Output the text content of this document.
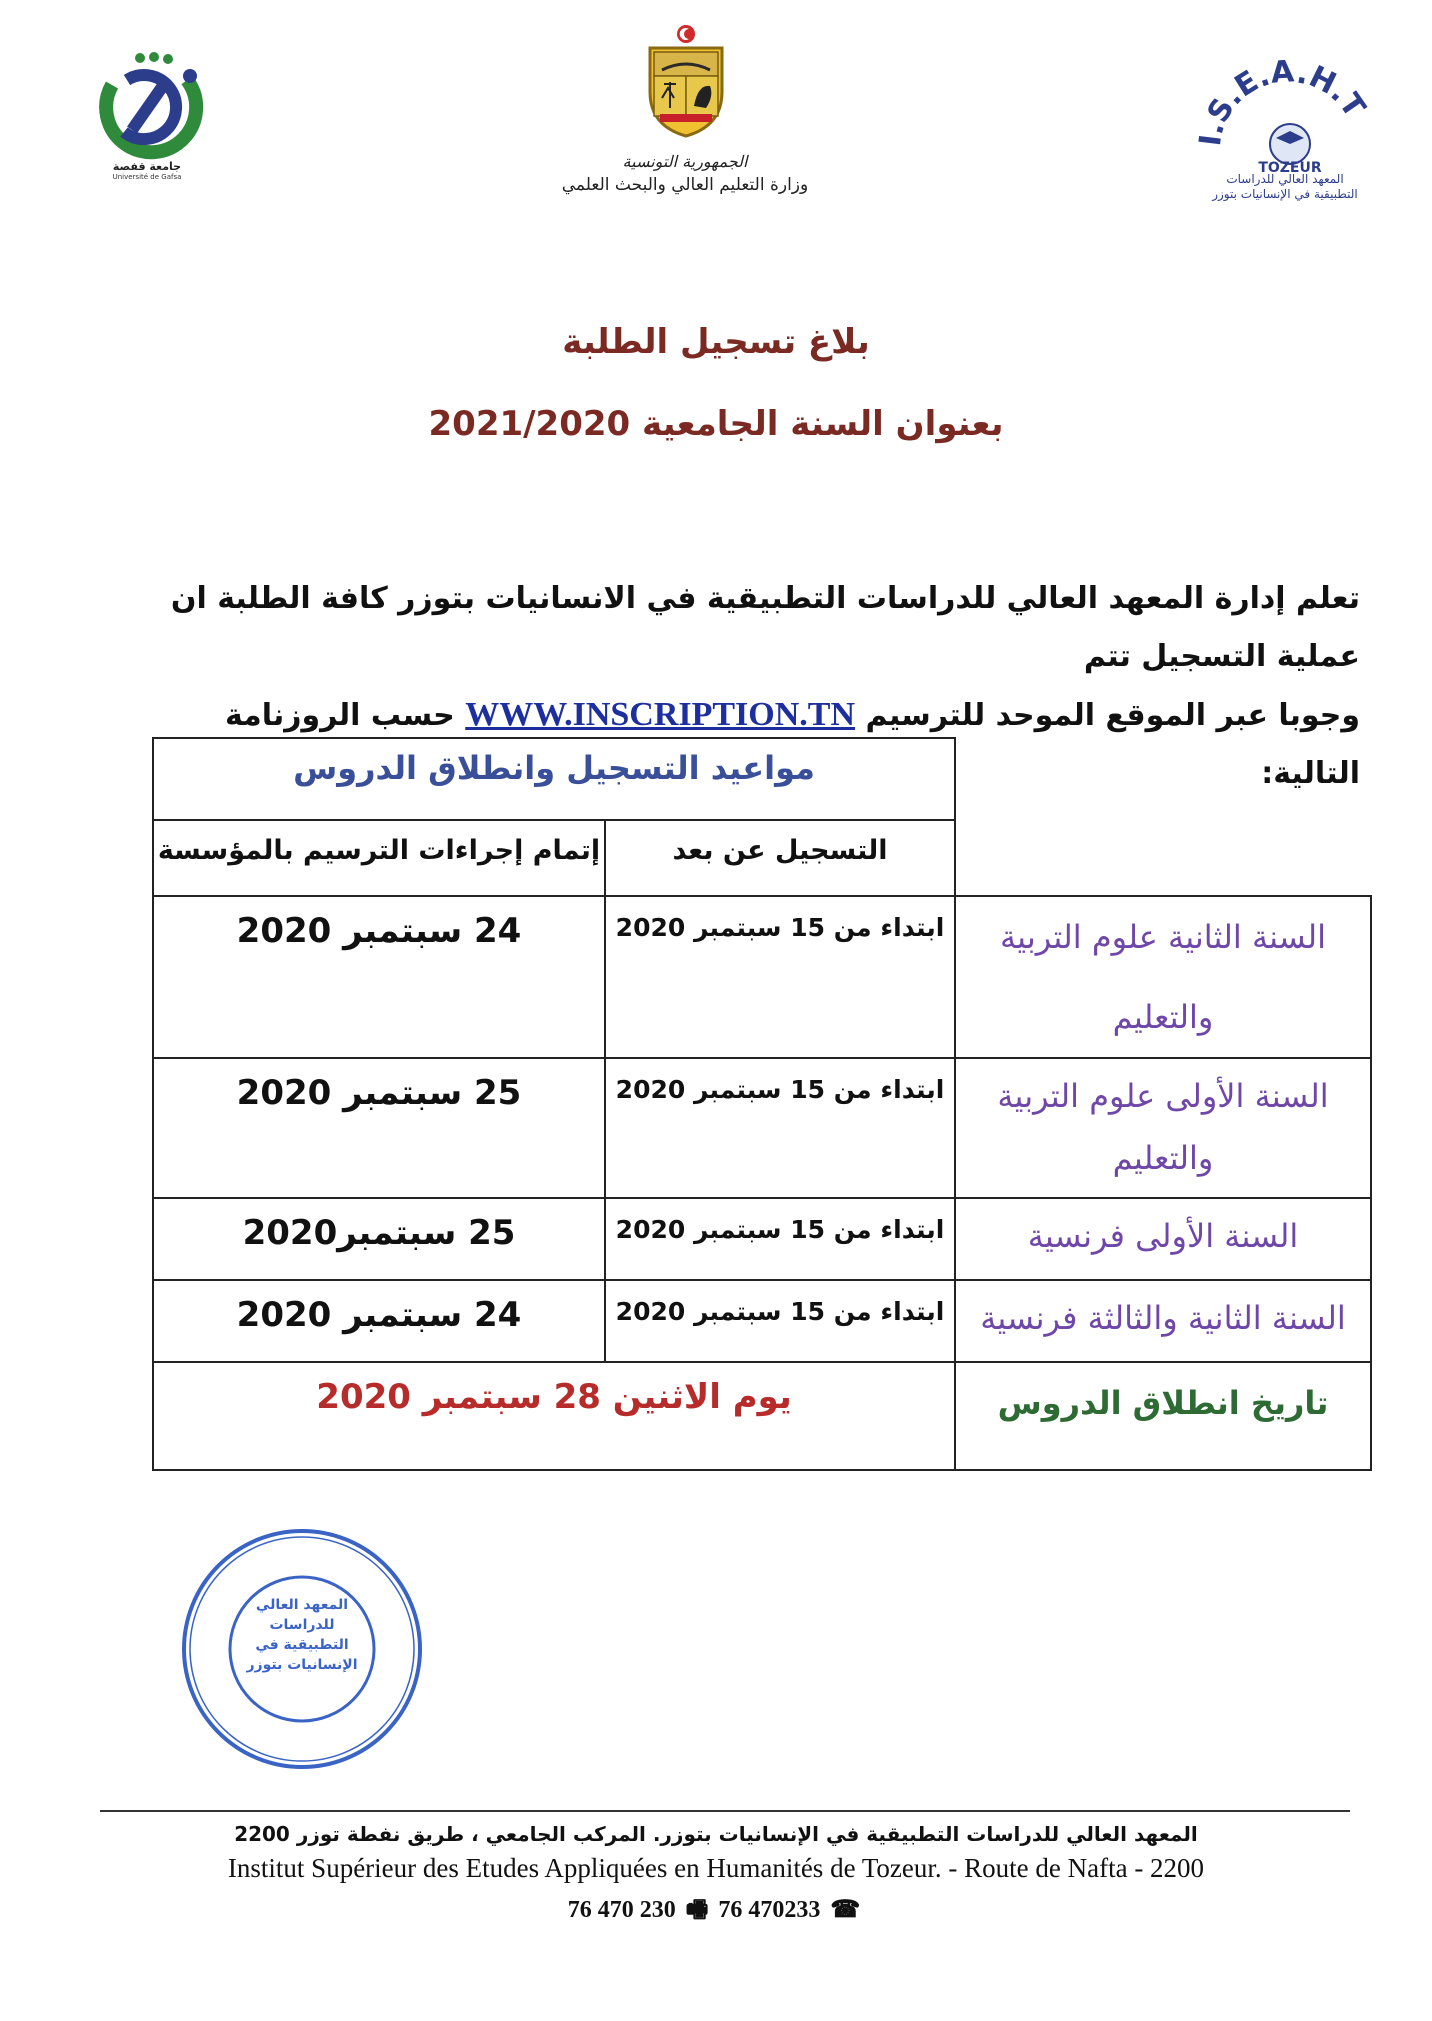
جامعة قفصة
Université de Gafsa
الجمهورية التونسية
وزارة التعليم العالي والبحث العلمي
I.S.E.A.H.T
TOZEUR
المعهد العالي للدراسات
التطبيقية في الإنسانيات بتوزر
بلاغ تسجيل الطلبة
بعنوان السنة الجامعية 2021/2020
تعلم إدارة المعهد العالي للدراسات التطبيقية في الانسانيات بتوزر كافة الطلبة ان عملية التسجيل تتم
وجوبا عبر الموقع الموحد للترسيم WWW.INSCRIPTION.TN حسب الروزنامة التالية:
مواعيد التسجيل وانطلاق الدروس
إتمام إجراءات الترسيم بالمؤسسة	التسجيل عن بعد
24 سبتمبر 2020	ابتداء من 15 سبتمبر 2020	السنة الثانية علوم التربية والتعليم
25 سبتمبر 2020	ابتداء من 15 سبتمبر 2020	السنة الأولى علوم التربية والتعليم
25 سبتمبر2020	ابتداء من 15 سبتمبر 2020	السنة الأولى فرنسية
24 سبتمبر 2020	ابتداء من 15 سبتمبر 2020	السنة الثانية والثالثة فرنسية
يوم الاثنين 28 سبتمبر 2020	تاريخ انطلاق الدروس
المعهد العالي للدراسات التطبيقية في الإنسانيات بتوزر
المعهد العالي للدراسات التطبيقية في الإنسانيات بتوزر. المركب الجامعي ، طريق نفطة توزر 2200
Institut Supérieur des Etudes Appliquées en Humanités de Tozeur. - Route de Nafta - 2200
76 470 230 🖷 76 470233 ☎
